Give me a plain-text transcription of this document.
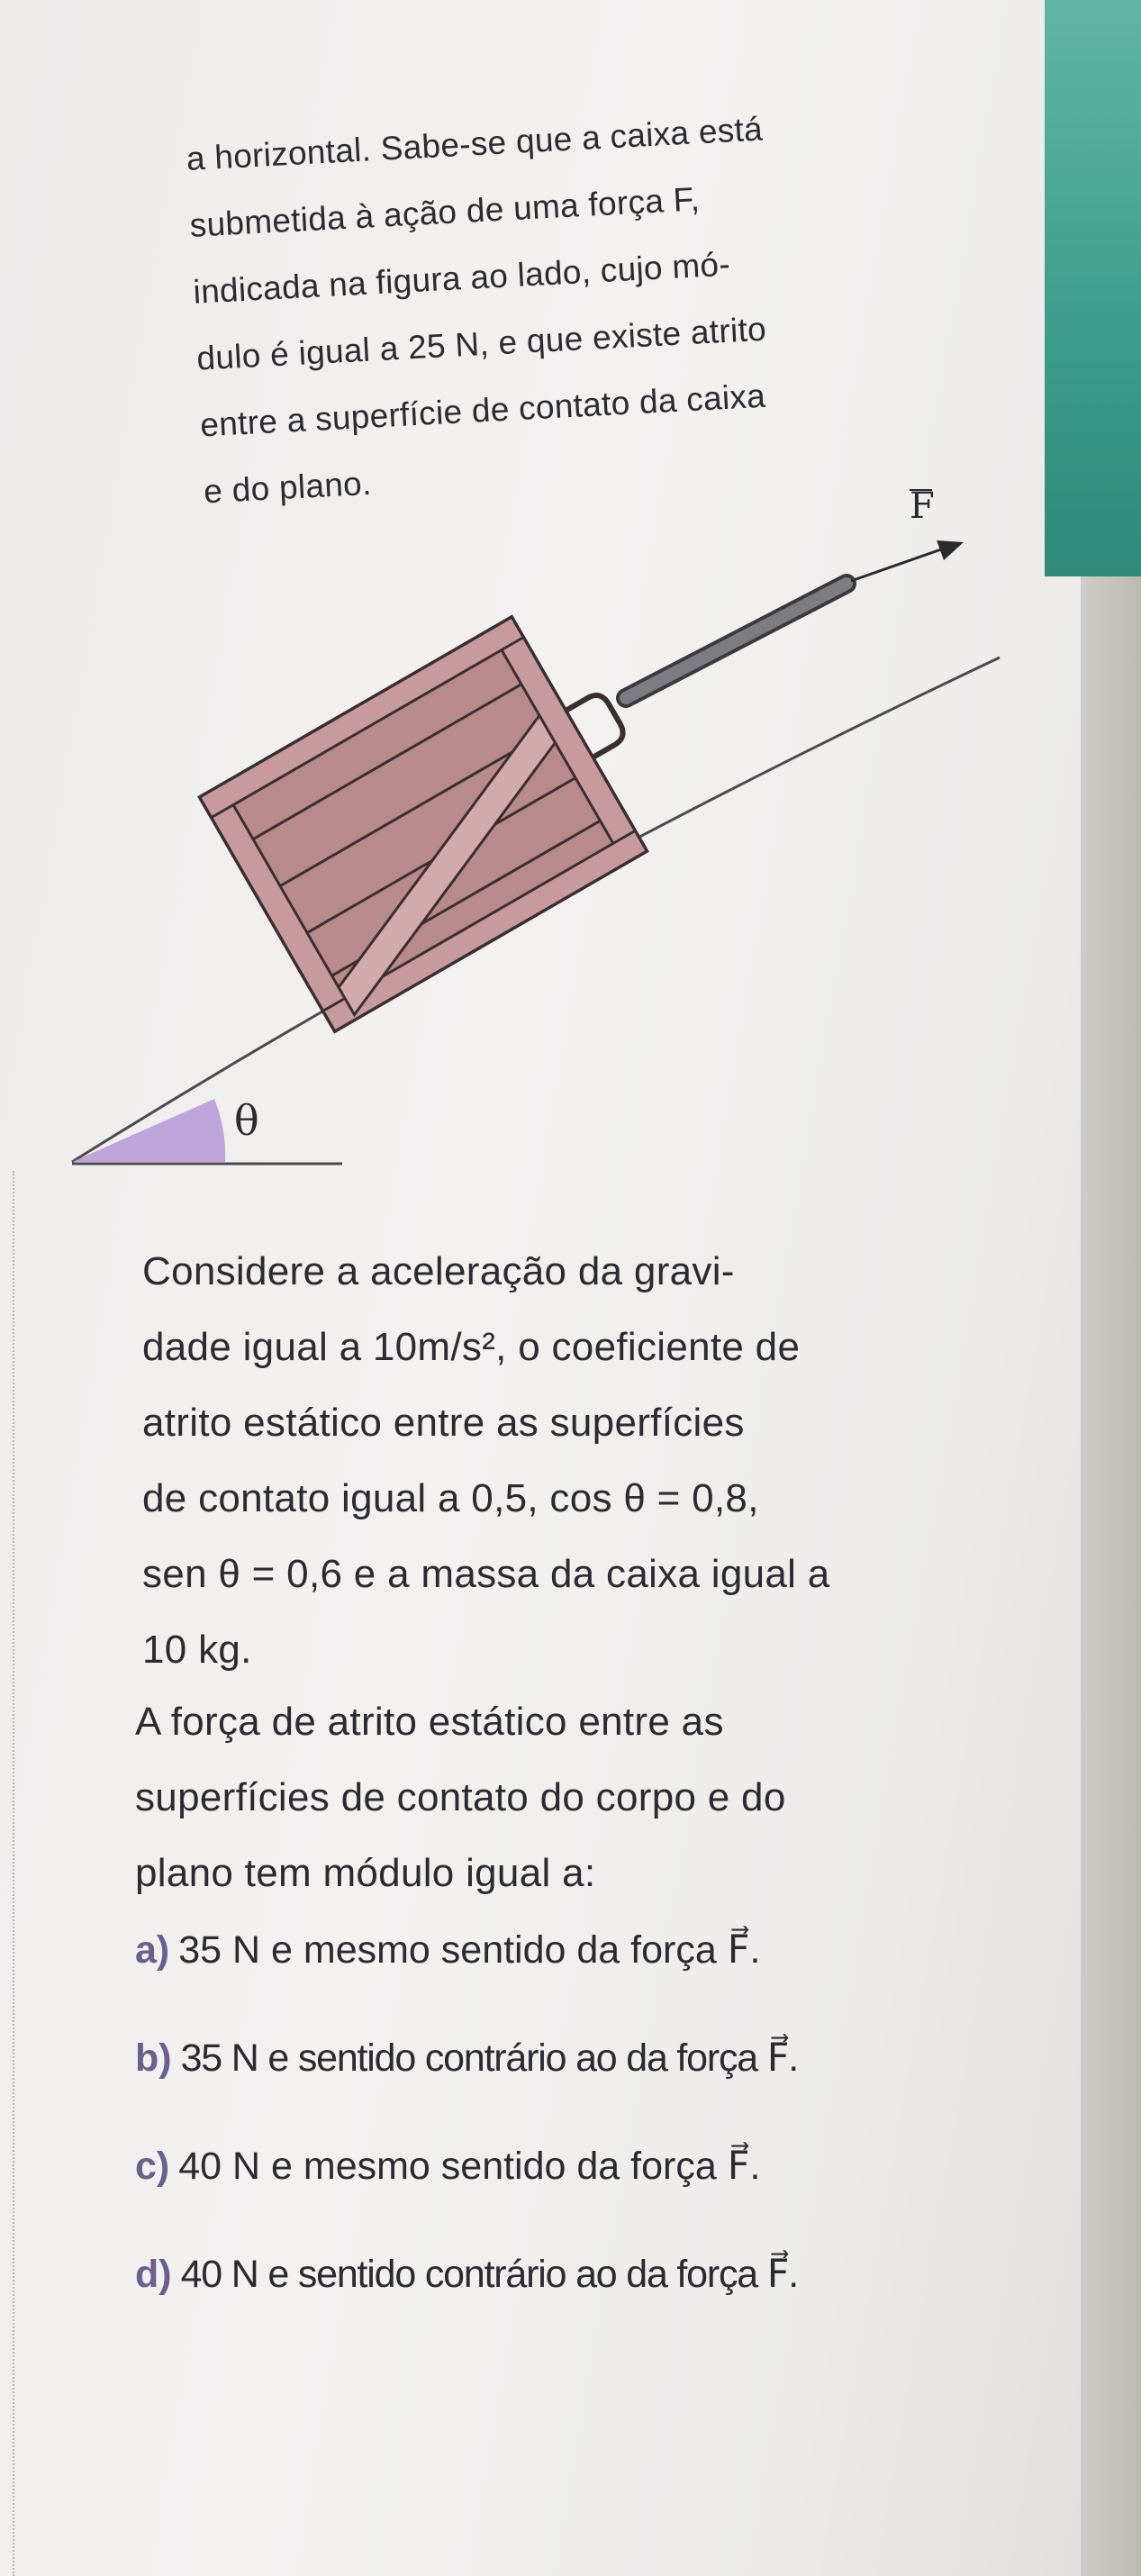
a horizontal. Sabe-se que a caixa está
submetida à ação de uma força F,
indicada na figura ao lado, cujo mó-
dulo é igual a 25 N, e que existe atrito
entre a superfície de contato da caixa
e do plano.
θ
F
Considere a aceleração da gravi-
dade igual a 10m/s², o coeficiente de
atrito estático entre as superfícies
de contato igual a 0,5, cos θ = 0,8,
sen θ = 0,6 e a massa da caixa igual a
10 kg.
A força de atrito estático entre as
superfícies de contato do corpo e do
plano tem módulo igual a:
a) 35 N e mesmo sentido da força F⃗.
b) 35 N e sentido contrário ao da força F⃗.
c) 40 N e mesmo sentido da força F⃗.
d) 40 N e sentido contrário ao da força F⃗.
